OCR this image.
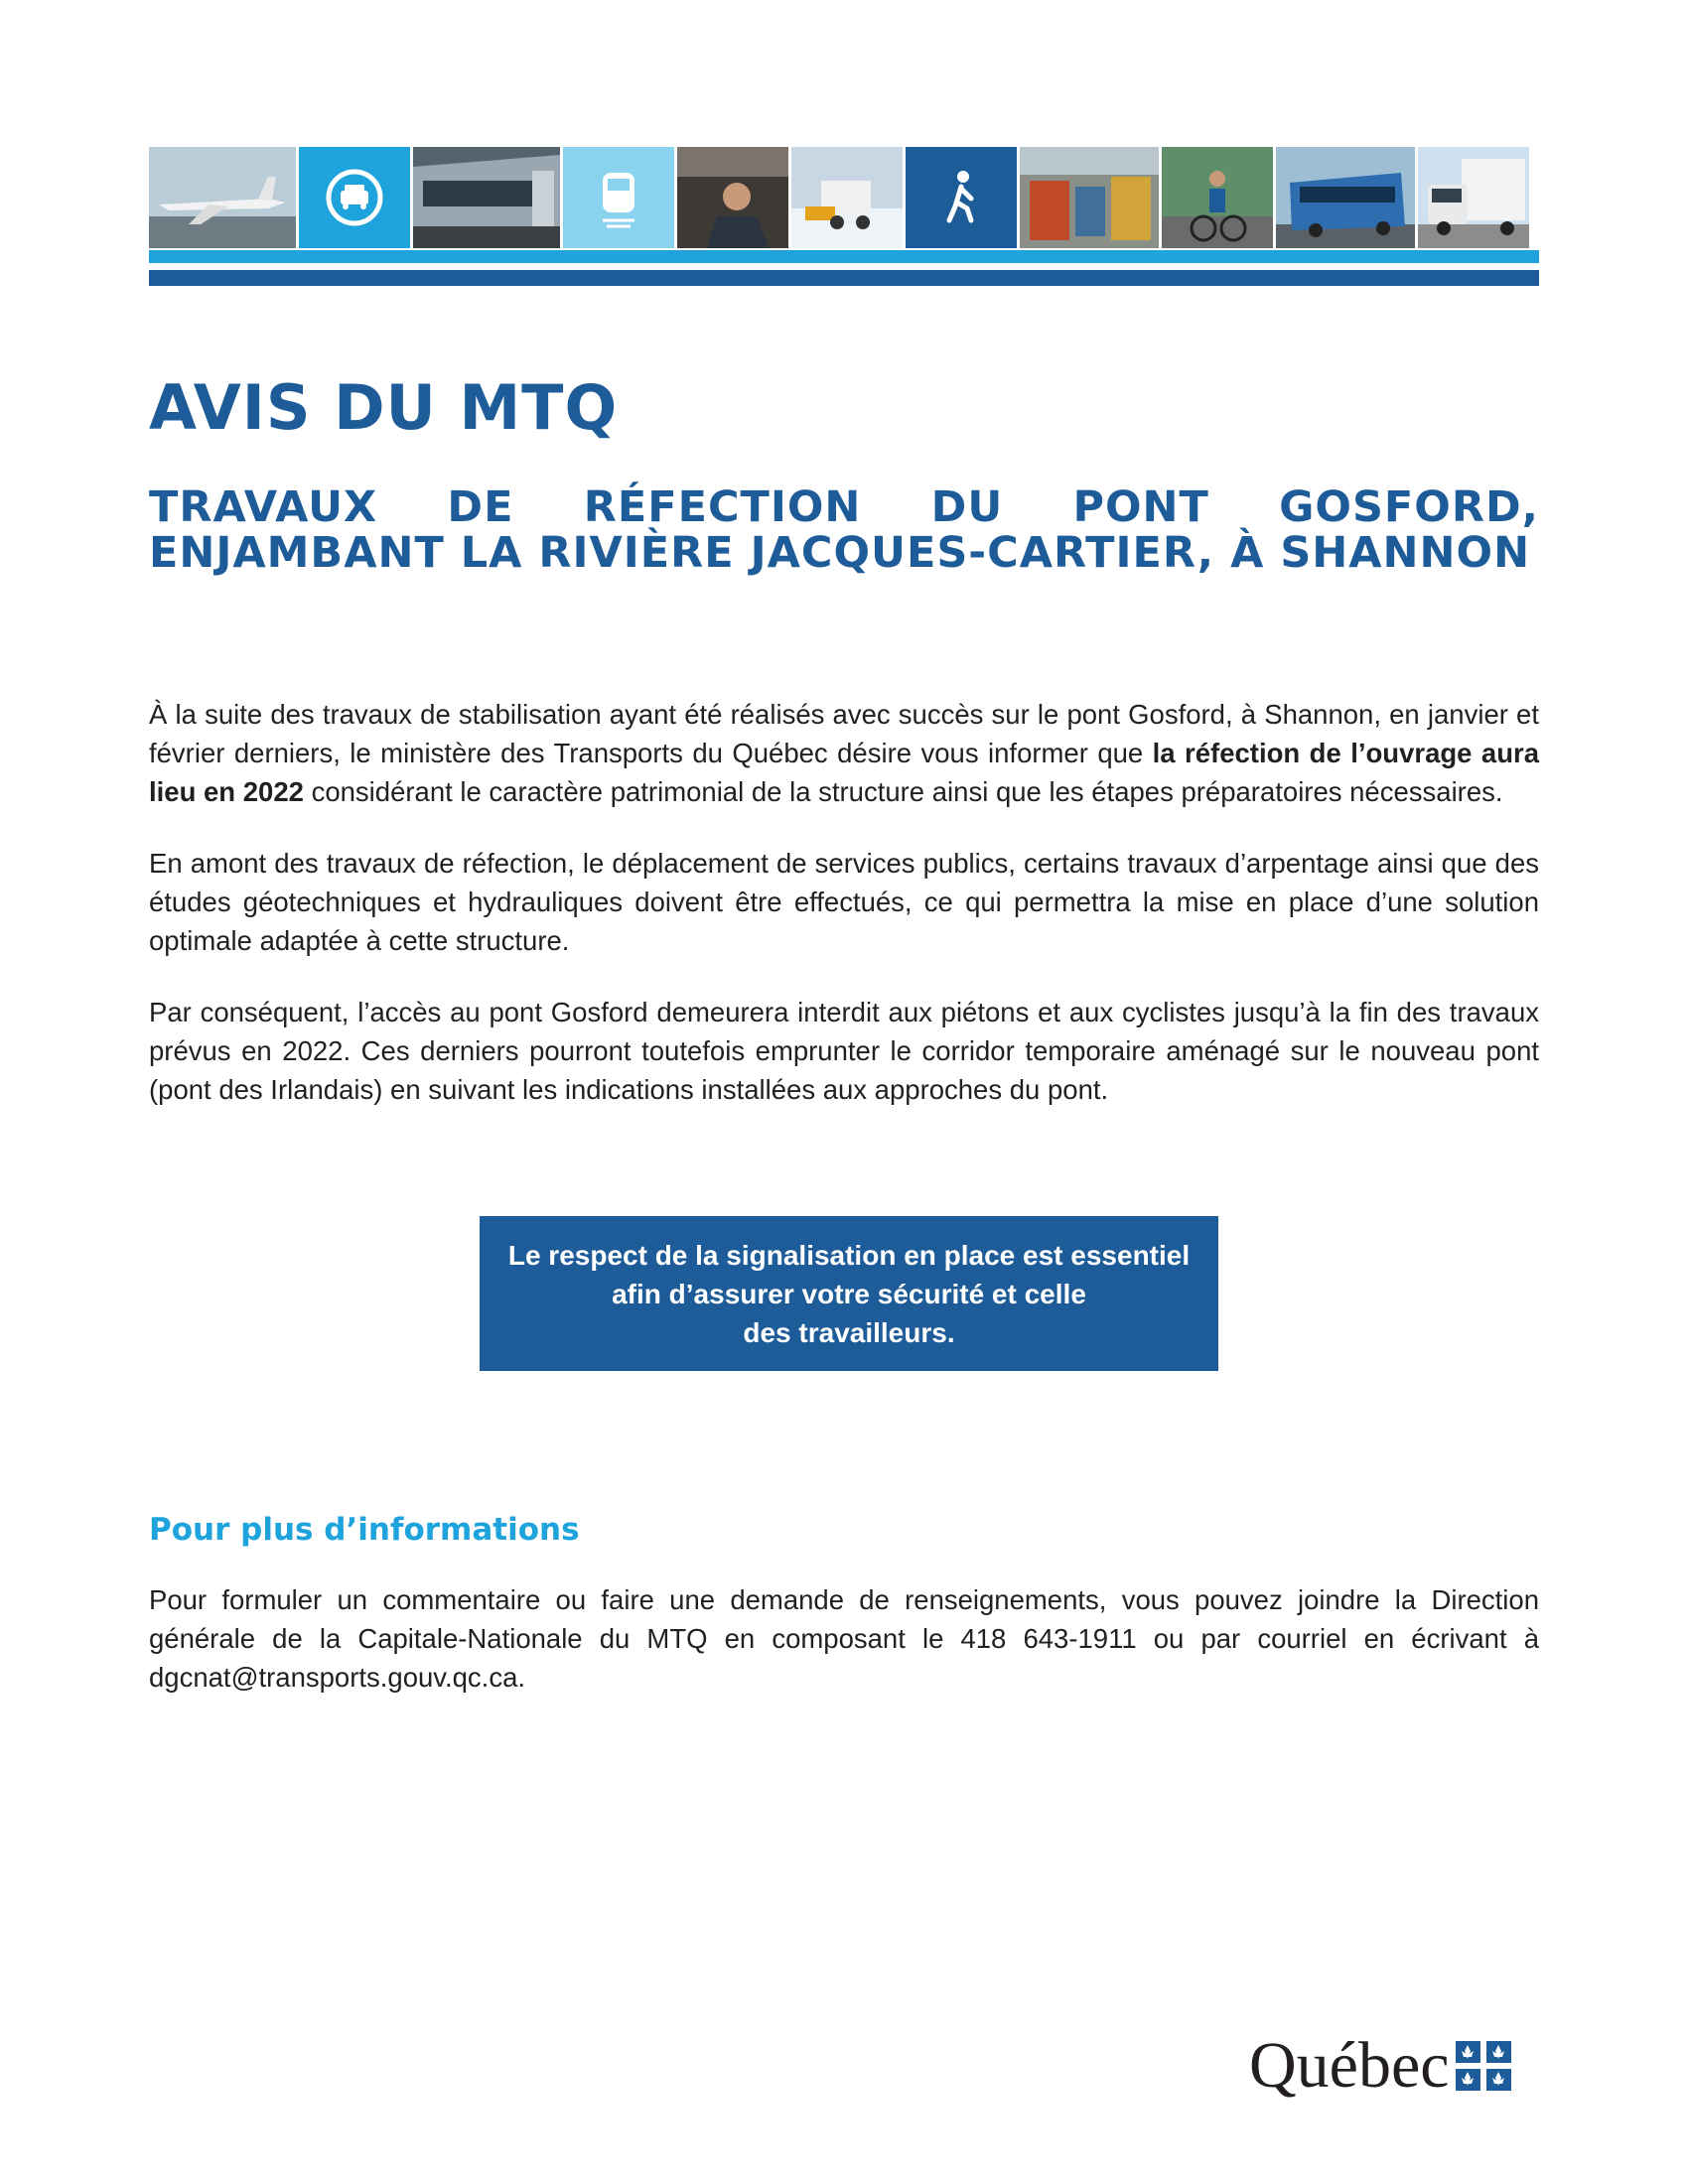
AVIS DU MTQ
TRAVAUX DE RÉFECTION DU PONT GOSFORD, ENJAMBANT LA RIVIÈRE JACQUES-CARTIER, À SHANNON

À la suite des travaux de stabilisation ayant été réalisés avec succès sur le pont Gosford, à Shannon, en janvier et février derniers, le ministère des Transports du Québec désire vous informer que la réfection de l’ouvrage aura lieu en 2022 considérant le caractère patrimonial de la structure ainsi que les étapes préparatoires nécessaires.

En amont des travaux de réfection, le déplacement de services publics, certains travaux d’arpentage ainsi que des études géotechniques et hydrauliques doivent être effectués, ce qui permettra la mise en place d’une solution optimale adaptée à cette structure.

Par conséquent, l’accès au pont Gosford demeurera interdit aux piétons et aux cyclistes jusqu’à la fin des travaux prévus en 2022. Ces derniers pourront toutefois emprunter le corridor temporaire aménagé sur le nouveau pont (pont des Irlandais) en suivant les indications installées aux approches du pont.

Le respect de la signalisation en place est essentiel
afin d’assurer votre sécurité et celle
des travailleurs.

Pour plus d’informations

Pour formuler un commentaire ou faire une demande de renseignements, vous pouvez joindre la Direction générale de la Capitale-Nationale du MTQ en composant le 418 643-1911 ou par courriel en écrivant à dgcnat@transports.gouv.qc.ca.

Québec
